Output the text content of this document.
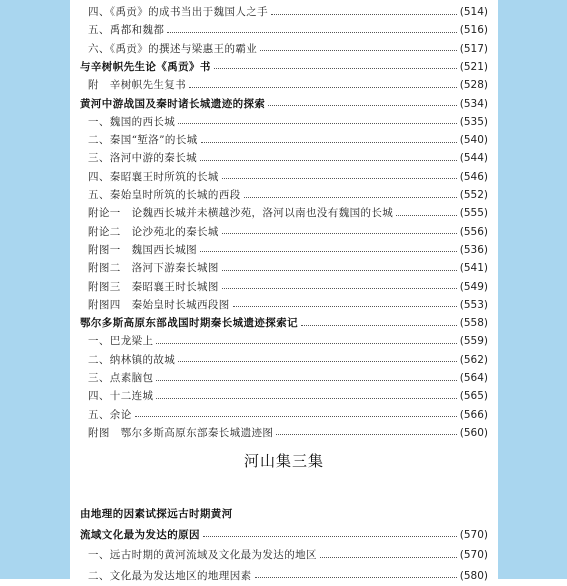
四、《禹贡》的成书当出于魏国人之手	(514)
五、禹都和魏都	(516)
六、《禹贡》的撰述与梁惠王的霸业	(517)
与辛树帜先生论《禹贡》书	(521)
附　辛树帜先生复书	(528)
黄河中游战国及秦时诸长城遗迹的探索	(534)
一、魏国的西长城	(535)
二、秦国“堑洛”的长城	(540)
三、洛河中游的秦长城	(544)
四、秦昭襄王时所筑的长城	(546)
五、秦始皇时所筑的长城的西段	(552)
附论一　论魏西长城并未横越沙苑，洛河以南也没有魏国的长城	(555)
附论二　论沙苑北的秦长城	(556)
附图一　魏国西长城图	(536)
附图二　洛河下游秦长城图	(541)
附图三　秦昭襄王时长城图	(549)
附图四　秦始皇时长城西段图	(553)
鄂尔多斯高原东部战国时期秦长城遗迹探索记	(558)
一、巴龙梁上	(559)
二、纳林镇的故城	(562)
三、点素脑包	(564)
四、十二连城	(565)
五、余论	(566)
附图　鄂尔多斯高原东部秦长城遗迹图	(560)
河山集三集
由地理的因素试探远古时期黄河
流域文化最为发达的原因	(570)
一、远古时期的黄河流域及文化最为发达的地区	(570)
二、文化最为发达地区的地理因素	(580)
